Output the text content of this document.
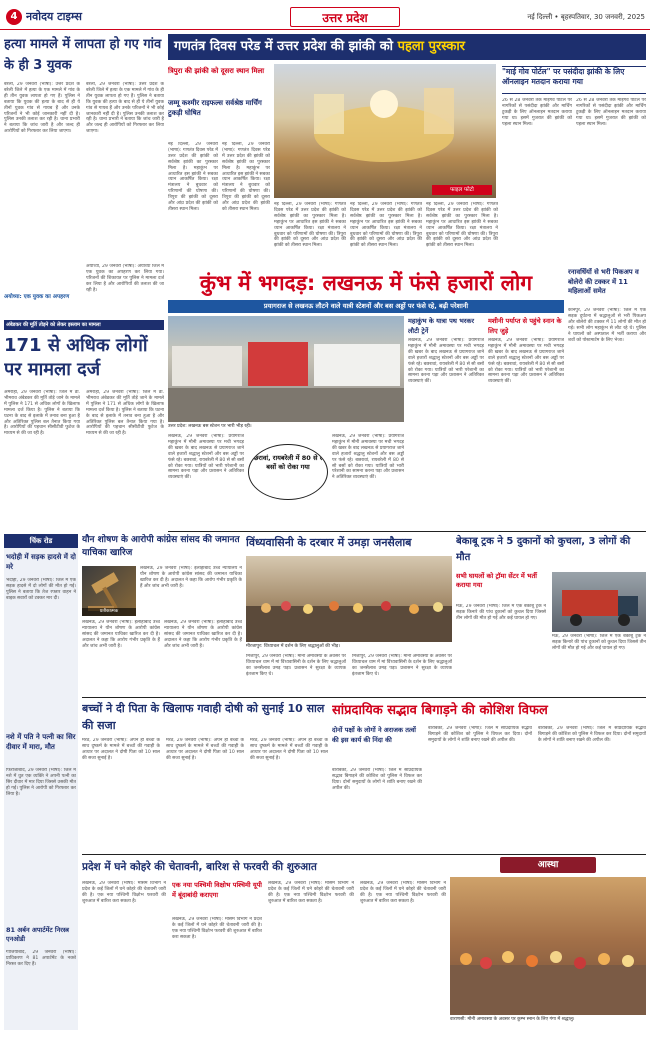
4 नवोदय टाइम्स	उत्तर प्रदेश	नई दिल्ली • बृहस्पतिवार, 30 जनवरी, 2025
हत्या मामले में लापता हो गए गांव के ही 3 युवक
बरेली, 29 जनवरी (भाषा): उत्तर प्रदेश के बरेली जिले में हत्या के एक मामले में गांव के ही तीन युवक लापता हो गए हैं। पुलिस ने बताया कि युवक की हत्या के बाद से ही ये तीनों युवक गांव से गायब हैं और उनके परिजनों ने भी कोई जानकारी नहीं दी है। पुलिस उनकी तलाश कर रही है। थाना प्रभारी ने बताया कि जांच जारी है और जल्द ही आरोपियों को गिरफ्तार कर लिया जाएगा।
बरेली, 29 जनवरी (भाषा): उत्तर प्रदेश के बरेली जिले में हत्या के एक मामले में गांव के ही तीन युवक लापता हो गए हैं। पुलिस ने बताया कि युवक की हत्या के बाद से ही ये तीनों युवक गांव से गायब हैं और उनके परिजनों ने भी कोई जानकारी नहीं दी है। पुलिस उनकी तलाश कर रही है। थाना प्रभारी ने बताया कि जांच जारी है और जल्द ही आरोपियों को गिरफ्तार कर लिया जाएगा।
अयोध्या: एक युवक का अपहरण
अयोध्या, 29 जनवरी (भाषा): अयोध्या जिले में एक युवक का अपहरण कर लिया गया। परिजनों की शिकायत पर पुलिस ने मामला दर्ज कर लिया है और आरोपियों की तलाश की जा रही है।
अंबेडकर की मूर्ति तोड़ने को लेकर इस्लाम का मामला
171 से अधिक लोगों पर मामला दर्ज
अमरोहा, 29 जनवरी (भाषा): जिले में डॉ. भीमराव अंबेडकर की मूर्ति तोड़े जाने के मामले में पुलिस ने 171 से अधिक लोगों के खिलाफ मामला दर्ज किया है। पुलिस ने बताया कि घटना के बाद से इलाके में तनाव बना हुआ है और अतिरिक्त पुलिस बल तैनात किया गया है। आरोपियों की पहचान सीसीटीवी फुटेज के माध्यम से की जा रही है।
अमरोहा, 29 जनवरी (भाषा): जिले में डॉ. भीमराव अंबेडकर की मूर्ति तोड़े जाने के मामले में पुलिस ने 171 से अधिक लोगों के खिलाफ मामला दर्ज किया है। पुलिस ने बताया कि घटना के बाद से इलाके में तनाव बना हुआ है और अतिरिक्त पुलिस बल तैनात किया गया है। आरोपियों की पहचान सीसीटीवी फुटेज के माध्यम से की जा रही है।
गणतंत्र दिवस परेड में उत्तर प्रदेश की झांकी को पहला पुरस्कार
त्रिपुरा की झांकी को दूसरा स्थान मिला
जम्मू कश्मीर राइफल्स सर्वश्रेष्ठ मार्चिंग टुकड़ी घोषित
नई दिल्ली, 29 जनवरी (भाषा): गणतंत्र दिवस परेड में उत्तर प्रदेश की झांकी को सर्वश्रेष्ठ झांकी का पुरस्कार मिला है। महाकुंभ पर आधारित इस झांकी ने सबका ध्यान आकर्षित किया। रक्षा मंत्रालय ने बुधवार को परिणामों की घोषणा की। त्रिपुरा की झांकी को दूसरा और आंध्र प्रदेश की झांकी को तीसरा स्थान मिला।
नई दिल्ली, 29 जनवरी (भाषा): गणतंत्र दिवस परेड में उत्तर प्रदेश की झांकी को सर्वश्रेष्ठ झांकी का पुरस्कार मिला है। महाकुंभ पर आधारित इस झांकी ने सबका ध्यान आकर्षित किया। रक्षा मंत्रालय ने बुधवार को परिणामों की घोषणा की। त्रिपुरा की झांकी को दूसरा और आंध्र प्रदेश की झांकी को तीसरा स्थान मिला।
फाइल फोटो
नई दिल्ली, 29 जनवरी (भाषा): गणतंत्र दिवस परेड में उत्तर प्रदेश की झांकी को सर्वश्रेष्ठ झांकी का पुरस्कार मिला है। महाकुंभ पर आधारित इस झांकी ने सबका ध्यान आकर्षित किया। रक्षा मंत्रालय ने बुधवार को परिणामों की घोषणा की। त्रिपुरा की झांकी को दूसरा और आंध्र प्रदेश की झांकी को तीसरा स्थान मिला।
नई दिल्ली, 29 जनवरी (भाषा): गणतंत्र दिवस परेड में उत्तर प्रदेश की झांकी को सर्वश्रेष्ठ झांकी का पुरस्कार मिला है। महाकुंभ पर आधारित इस झांकी ने सबका ध्यान आकर्षित किया। रक्षा मंत्रालय ने बुधवार को परिणामों की घोषणा की। त्रिपुरा की झांकी को दूसरा और आंध्र प्रदेश की झांकी को तीसरा स्थान मिला।
नई दिल्ली, 29 जनवरी (भाषा): गणतंत्र दिवस परेड में उत्तर प्रदेश की झांकी को सर्वश्रेष्ठ झांकी का पुरस्कार मिला है। महाकुंभ पर आधारित इस झांकी ने सबका ध्यान आकर्षित किया। रक्षा मंत्रालय ने बुधवार को परिणामों की घोषणा की। त्रिपुरा की झांकी को दूसरा और आंध्र प्रदेश की झांकी को तीसरा स्थान मिला।
"माई गोव पोर्टल" पर पसंदीदा झांकी के लिए ऑनलाइन मतदान कराया गया
26 से 28 जनवरी तक माईगव पोर्टल पर नागरिकों से पसंदीदा झांकी और मार्चिंग टुकड़ी के लिए ऑनलाइन मतदान कराया गया था। इसमें गुजरात की झांकी को पहला स्थान मिला।
26 से 28 जनवरी तक माईगव पोर्टल पर नागरिकों से पसंदीदा झांकी और मार्चिंग टुकड़ी के लिए ऑनलाइन मतदान कराया गया था। इसमें गुजरात की झांकी को पहला स्थान मिला।
कुंभ में भगदड़: लखनऊ में फंसे हजारों लोग
प्रयागराज से लखनऊ लौटने वाले यात्री स्टेशनों और बस अड्डों पर फंसे रहे, बढ़ी परेशानी
उत्तर प्रदेश: लखनऊ बस स्टेशन पर भारी भीड़ रही।
लखनऊ, 29 जनवरी (भाषा): प्रयागराज महाकुंभ में मौनी अमावस्या पर मची भगदड़ की खबर के बाद लखनऊ से प्रयागराज जाने वाले हजारों श्रद्धालु स्टेशनों और बस अड्डों पर फंसे रहे। बछरावां, रायबरेली में 80 से सौ बसों को रोका गया। यात्रियों को भारी परेशानी का सामना करना पड़ा और प्रशासन ने अतिरिक्त व्यवस्थाएं कीं।
बछरावां, रायबरेली में 80 से सौ बसों को रोका गया
लखनऊ, 29 जनवरी (भाषा): प्रयागराज महाकुंभ में मौनी अमावस्या पर मची भगदड़ की खबर के बाद लखनऊ से प्रयागराज जाने वाले हजारों श्रद्धालु स्टेशनों और बस अड्डों पर फंसे रहे। बछरावां, रायबरेली में 80 से सौ बसों को रोका गया। यात्रियों को भारी परेशानी का सामना करना पड़ा और प्रशासन ने अतिरिक्त व्यवस्थाएं कीं।
महाकुंभ के यात्रा पथ भरकर लौटी ट्रेनें
लखनऊ, 29 जनवरी (भाषा): प्रयागराज महाकुंभ में मौनी अमावस्या पर मची भगदड़ की खबर के बाद लखनऊ से प्रयागराज जाने वाले हजारों श्रद्धालु स्टेशनों और बस अड्डों पर फंसे रहे। बछरावां, रायबरेली में 80 से सौ बसों को रोका गया। यात्रियों को भारी परेशानी का सामना करना पड़ा और प्रशासन ने अतिरिक्त व्यवस्थाएं कीं।
मशीनी पर्याप्त से पहुंचे स्नान के लिए जुड़े
लखनऊ, 29 जनवरी (भाषा): प्रयागराज महाकुंभ में मौनी अमावस्या पर मची भगदड़ की खबर के बाद लखनऊ से प्रयागराज जाने वाले हजारों श्रद्धालु स्टेशनों और बस अड्डों पर फंसे रहे। बछरावां, रायबरेली में 80 से सौ बसों को रोका गया। यात्रियों को भारी परेशानी का सामना करना पड़ा और प्रशासन ने अतिरिक्त व्यवस्थाएं कीं।
रनावर्धियों से भरी पिकअप व बोलेरो की टक्कर में 11 महिलाओं समेत
कानपुर, 29 जनवरी (भाषा): जिले में एक सड़क दुर्घटना में श्रद्धालुओं से भरी पिकअप और बोलेरो की टक्कर में 11 लोगों की मौत हो गई। सभी लोग महाकुंभ से लौट रहे थे। पुलिस ने घायलों को अस्पताल में भर्ती कराया और शवों को पोस्टमार्टम के लिए भेजा।
चिंक रोड
भदोही में सड़क हादसे में दो मरे
भदोही, 29 जनवरी (भाषा): जिले में एक सड़क हादसे में दो लोगों की मौत हो गई। पुलिस ने बताया कि तेज रफ्तार वाहन ने बाइक सवारों को टक्कर मार दी।
नशे में पति ने पत्नी का सिर दीवार में मारा, मौत
फिरोजाबाद, 29 जनवरी (भाषा): जिले में नशे में धुत एक व्यक्ति ने अपनी पत्नी का सिर दीवार में मार दिया जिससे उसकी मौत हो गई। पुलिस ने आरोपी को गिरफ्तार कर लिया है।
81 अर्बन अपार्टमेंट निरस्त्र एनओडी
गाजियाबाद, 29 जनवरी (भाषा): प्राधिकरण ने 81 अपार्टमेंट के नक्शे निरस्त कर दिए हैं।
यौन शोषण के आरोपी कांग्रेस सांसद की जमानत याचिका खारिज
प्रतीकात्मक
लखनऊ, 29 जनवरी (भाषा): इलाहाबाद उच्च न्यायालय ने यौन शोषण के आरोपी कांग्रेस सांसद की जमानत याचिका खारिज कर दी है। अदालत ने कहा कि आरोप गंभीर प्रकृति के हैं और जांच अभी जारी है।
लखनऊ, 29 जनवरी (भाषा): इलाहाबाद उच्च न्यायालय ने यौन शोषण के आरोपी कांग्रेस सांसद की जमानत याचिका खारिज कर दी है। अदालत ने कहा कि आरोप गंभीर प्रकृति के हैं और जांच अभी जारी है।
लखनऊ, 29 जनवरी (भाषा): इलाहाबाद उच्च न्यायालय ने यौन शोषण के आरोपी कांग्रेस सांसद की जमानत याचिका खारिज कर दी है। अदालत ने कहा कि आरोप गंभीर प्रकृति के हैं और जांच अभी जारी है।
विंध्यवासिनी के दरबार में उमड़ा जनसैलाब
मीरजापुर: विंध्याचल में दर्शन के लिए श्रद्धालुओं की भीड़।
मिर्जापुर, 29 जनवरी (भाषा): मौनी अमावस्या के अवसर पर विंध्याचल धाम में मां विंध्यवासिनी के दर्शन के लिए श्रद्धालुओं का जनसैलाब उमड़ पड़ा। प्रशासन ने सुरक्षा के व्यापक इंतजाम किए थे।
मिर्जापुर, 29 जनवरी (भाषा): मौनी अमावस्या के अवसर पर विंध्याचल धाम में मां विंध्यवासिनी के दर्शन के लिए श्रद्धालुओं का जनसैलाब उमड़ पड़ा। प्रशासन ने सुरक्षा के व्यापक इंतजाम किए थे।
बेकाबू ट्रक ने 5 दुकानों को कुचला, 3 लोगों की मौत
सभी घायलों को ट्रॉमा सेंटर में भर्ती कराया गया
मऊ, 29 जनवरी (भाषा): जिले में एक बेकाबू ट्रक ने सड़क किनारे की पांच दुकानों को कुचल दिया जिससे तीन लोगों की मौत हो गई और कई घायल हो गए।
मऊ, 29 जनवरी (भाषा): जिले में एक बेकाबू ट्रक ने सड़क किनारे की पांच दुकानों को कुचल दिया जिससे तीन लोगों की मौत हो गई और कई घायल हो गए।
बच्चों ने दी पिता के खिलाफ गवाही दोषी को सुनाई 10 साल की सजा
मेरठ, 29 जनवरी (भाषा): अपने ही बच्चों के साथ दुष्कर्म के मामले में बच्चों की गवाही के आधार पर अदालत ने दोषी पिता को 10 साल की सजा सुनाई है।
मेरठ, 29 जनवरी (भाषा): अपने ही बच्चों के साथ दुष्कर्म के मामले में बच्चों की गवाही के आधार पर अदालत ने दोषी पिता को 10 साल की सजा सुनाई है।
मेरठ, 29 जनवरी (भाषा): अपने ही बच्चों के साथ दुष्कर्म के मामले में बच्चों की गवाही के आधार पर अदालत ने दोषी पिता को 10 साल की सजा सुनाई है।
सांप्रदायिक सद्भाव बिगाड़ने की कोशिश विफल
दोनों पक्षों के लोगों ने अराजक तत्वों की इस कार्य की निंदा की
बाराबंकी, 29 जनवरी (भाषा): जिले में सांप्रदायिक सद्भाव बिगाड़ने की कोशिश को पुलिस ने विफल कर दिया। दोनों समुदायों के लोगों ने शांति बनाए रखने की अपील की।
बाराबंकी, 29 जनवरी (भाषा): जिले में सांप्रदायिक सद्भाव बिगाड़ने की कोशिश को पुलिस ने विफल कर दिया। दोनों समुदायों के लोगों ने शांति बनाए रखने की अपील की।
बाराबंकी, 29 जनवरी (भाषा): जिले में सांप्रदायिक सद्भाव बिगाड़ने की कोशिश को पुलिस ने विफल कर दिया। दोनों समुदायों के लोगों ने शांति बनाए रखने की अपील की।
प्रदेश में घने कोहरे की चेतावनी, बारिश से फरवरी की शुरुआत
लखनऊ, 29 जनवरी (भाषा): मौसम विभाग ने प्रदेश के कई जिलों में घने कोहरे की चेतावनी जारी की है। एक नया पश्चिमी विक्षोभ फरवरी की शुरुआत में बारिश करा सकता है।
एक नया पश्चिमी विक्षोभ पश्चिमी यूपी में बूंदाबांदी कराएगा
लखनऊ, 29 जनवरी (भाषा): मौसम विभाग ने प्रदेश के कई जिलों में घने कोहरे की चेतावनी जारी की है। एक नया पश्चिमी विक्षोभ फरवरी की शुरुआत में बारिश करा सकता है।
लखनऊ, 29 जनवरी (भाषा): मौसम विभाग ने प्रदेश के कई जिलों में घने कोहरे की चेतावनी जारी की है। एक नया पश्चिमी विक्षोभ फरवरी की शुरुआत में बारिश करा सकता है।
लखनऊ, 29 जनवरी (भाषा): मौसम विभाग ने प्रदेश के कई जिलों में घने कोहरे की चेतावनी जारी की है। एक नया पश्चिमी विक्षोभ फरवरी की शुरुआत में बारिश करा सकता है।
आस्था
वाराणसी: मौनी अमावस्या के अवसर पर कुम्भ स्नान के लिए गंगा में श्रद्धालु।
